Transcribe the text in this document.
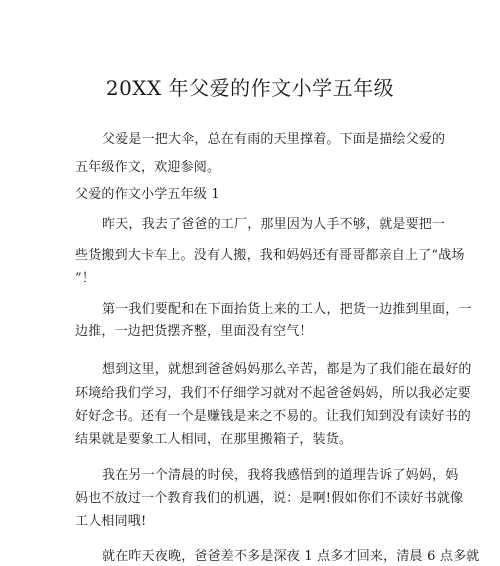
20XX 年父爱的作文小学五年级
父爱是一把大伞，总在有雨的天里撑着。下面是描绘父爱的
五年级作文，欢迎参阅。
父爱的作文小学五年级 1
昨天，我去了爸爸的工厂，那里因为人手不够，就是要把一
些货搬到大卡车上。没有人搬，我和妈妈还有哥哥都亲自上了“战场
”！
第一我们要配和在下面抬货上来的工人，把货一边推到里面，一
边推，一边把货摆齐整，里面没有空气！
想到这里，就想到爸爸妈妈那么辛苦，都是为了我们能在最好的
环境给我们学习，我们不仔细学习就对不起爸爸妈妈，所以我必定要
好好念书。还有一个是赚钱是来之不易的。让我们知到没有读好书的
结果就是要象工人相同，在那里搬箱子，装货。
我在另一个清晨的时侯，我将我感悟到的道理告诉了妈妈，妈
妈也不放过一个教育我们的机遇，说：是啊!假如你们不读好书就像
工人相同哦!
就在昨天夜晚，爸爸差不多是深夜 1 点多才回来，清晨 6 点多就
